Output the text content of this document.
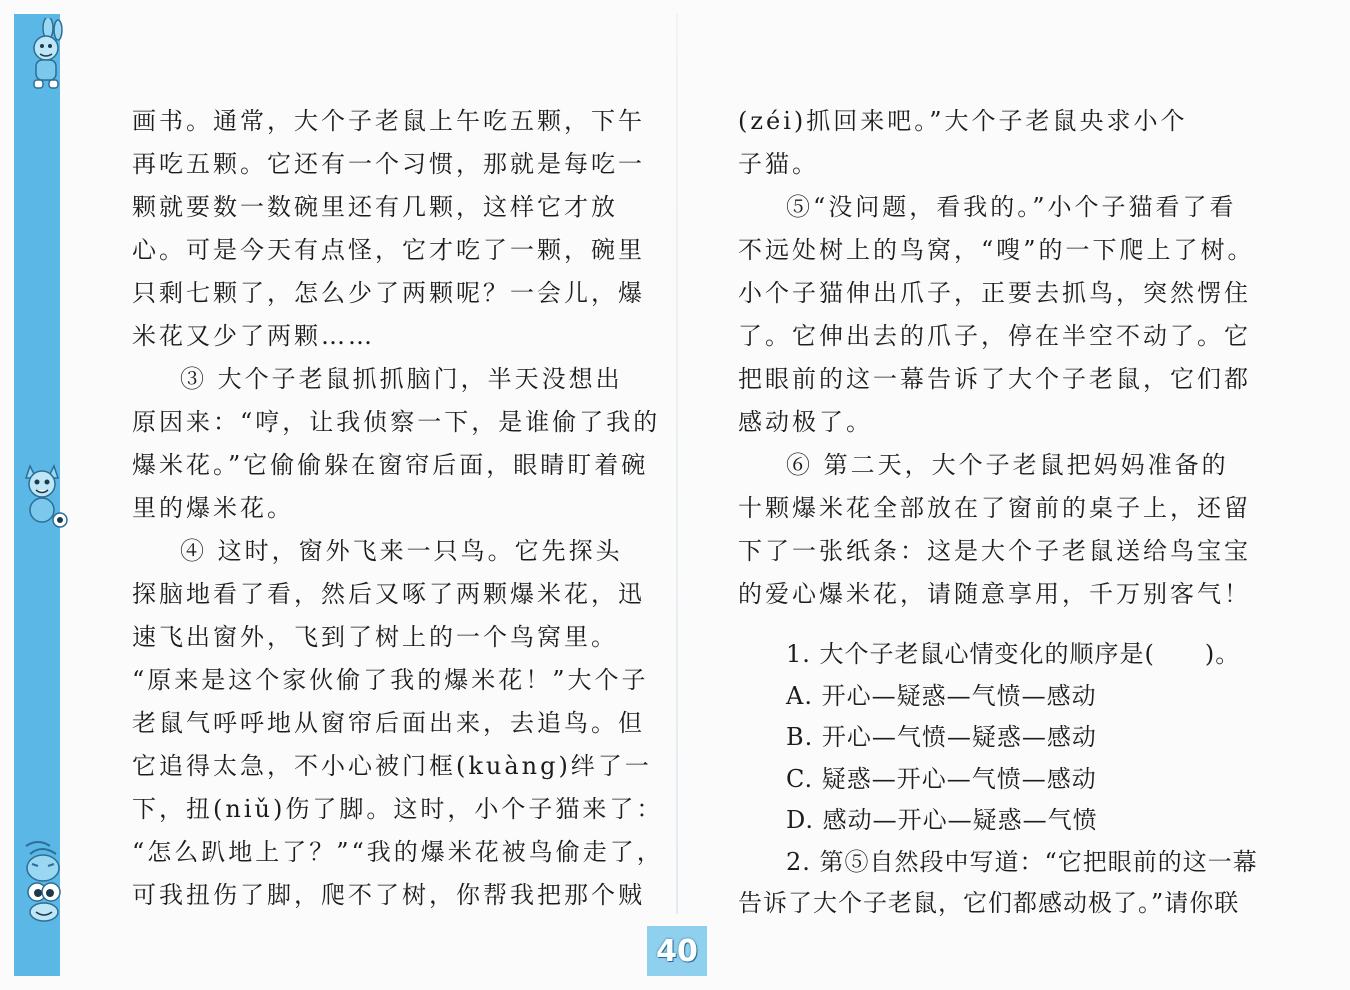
画书。通常，大个子老鼠上午吃五颗，下午

再吃五颗。它还有一个习惯，那就是每吃一

颗就要数一数碗里还有几颗，这样它才放

心。可是今天有点怪，它才吃了一颗，碗里

只剩七颗了，怎么少了两颗呢？一会儿，爆

米花又少了两颗……

③ 大个子老鼠抓抓脑门，半天没想出

原因来：“哼，让我侦察一下，是谁偷了我的

爆米花。”它偷偷躲在窗帘后面，眼睛盯着碗

里的爆米花。

④ 这时，窗外飞来一只鸟。它先探头

探脑地看了看，然后又啄了两颗爆米花，迅

速飞出窗外，飞到了树上的一个鸟窝里。

“原来是这个家伙偷了我的爆米花！”大个子

老鼠气呼呼地从窗帘后面出来，去追鸟。但

它追得太急，不小心被门框(kuàng)绊了一

下，扭(niǔ)伤了脚。这时，小个子猫来了：

“怎么趴地上了？”“我的爆米花被鸟偷走了，

可我扭伤了脚，爬不了树，你帮我把那个贼

(zéi)抓回来吧。”大个子老鼠央求小个

子猫。

⑤“没问题，看我的。”小个子猫看了看

不远处树上的鸟窝，“嗖”的一下爬上了树。

小个子猫伸出爪子，正要去抓鸟，突然愣住

了。它伸出去的爪子，停在半空不动了。它

把眼前的这一幕告诉了大个子老鼠，它们都

感动极了。

⑥ 第二天，大个子老鼠把妈妈准备的

十颗爆米花全部放在了窗前的桌子上，还留

下了一张纸条：这是大个子老鼠送给鸟宝宝

的爱心爆米花，请随意享用，千万别客气！

1. 大个子老鼠心情变化的顺序是(　　)。

A. 开心—疑惑—气愤—感动

B. 开心—气愤—疑惑—感动

C. 疑惑—开心—气愤—感动

D. 感动—开心—疑惑—气愤

2. 第⑤自然段中写道：“它把眼前的这一幕

告诉了大个子老鼠，它们都感动极了。”请你联

40
